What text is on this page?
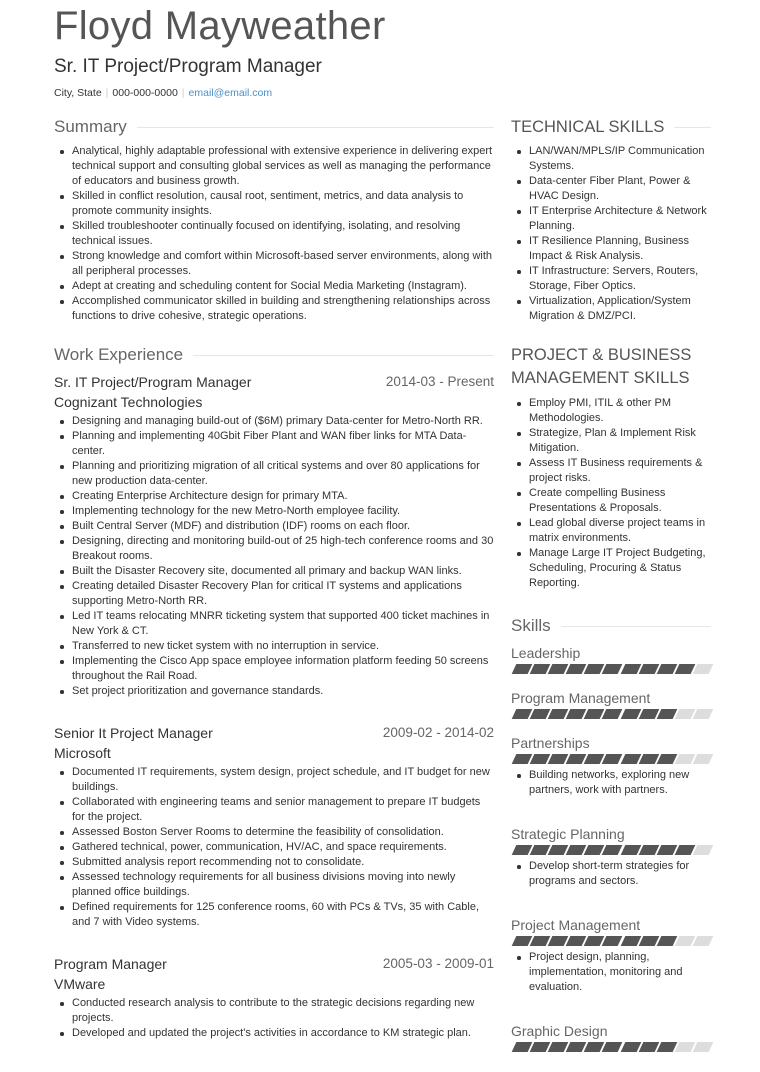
Floyd Mayweather
Sr. IT Project/Program Manager
City, State | 000-000-0000 | email@email.com
Summary
Analytical, highly adaptable professional with extensive experience in delivering expert technical support and consulting global services as well as managing the performance of educators and business growth.
Skilled in conflict resolution, causal root, sentiment, metrics, and data analysis to promote community insights.
Skilled troubleshooter continually focused on identifying, isolating, and resolving technical issues.
Strong knowledge and comfort within Microsoft-based server environments, along with all peripheral processes.
Adept at creating and scheduling content for Social Media Marketing (Instagram).
Accomplished communicator skilled in building and strengthening relationships across functions to drive cohesive, strategic operations.
Work Experience
Sr. IT Project/Program Manager	2014-03 - Present
Cognizant Technologies
Designing and managing build-out of ($6M) primary Data-center for Metro-North RR.
Planning and implementing 40Gbit Fiber Plant and WAN fiber links for MTA Data-center.
Planning and prioritizing migration of all critical systems and over 80 applications for new production data-center.
Creating Enterprise Architecture design for primary MTA.
Implementing technology for the new Metro-North employee facility.
Built Central Server (MDF) and distribution (IDF) rooms on each floor.
Designing, directing and monitoring build-out of 25 high-tech conference rooms and 30 Breakout rooms.
Built the Disaster Recovery site, documented all primary and backup WAN links.
Creating detailed Disaster Recovery Plan for critical IT systems and applications supporting Metro-North RR.
Led IT teams relocating MNRR ticketing system that supported 400 ticket machines in New York & CT.
Transferred to new ticket system with no interruption in service.
Implementing the Cisco App space employee information platform feeding 50 screens throughout the Rail Road.
Set project prioritization and governance standards.
Senior It Project Manager	2009-02 - 2014-02
Microsoft
Documented IT requirements, system design, project schedule, and IT budget for new buildings.
Collaborated with engineering teams and senior management to prepare IT budgets for the project.
Assessed Boston Server Rooms to determine the feasibility of consolidation.
Gathered technical, power, communication, HV/AC, and space requirements.
Submitted analysis report recommending not to consolidate.
Assessed technology requirements for all business divisions moving into newly planned office buildings.
Defined requirements for 125 conference rooms, 60 with PCs & TVs, 35 with Cable, and 7 with Video systems.
Program Manager	2005-03 - 2009-01
VMware
Conducted research analysis to contribute to the strategic decisions regarding new projects.
Developed and updated the project's activities in accordance to KM strategic plan.
TECHNICAL SKILLS
LAN/WAN/MPLS/IP Communication Systems.
Data-center Fiber Plant, Power & HVAC Design.
IT Enterprise Architecture & Network Planning.
IT Resilience Planning, Business Impact & Risk Analysis.
IT Infrastructure: Servers, Routers, Storage, Fiber Optics.
Virtualization, Application/System Migration & DMZ/PCI.
PROJECT & BUSINESS MANAGEMENT SKILLS
Employ PMI, ITIL & other PM Methodologies.
Strategize, Plan & Implement Risk Mitigation.
Assess IT Business requirements & project risks.
Create compelling Business Presentations & Proposals.
Lead global diverse project teams in matrix environments.
Manage Large IT Project Budgeting, Scheduling, Procuring & Status Reporting.
Skills
Leadership
Program Management
Partnerships
Building networks, exploring new partners, work with partners.
Strategic Planning
Develop short-term strategies for programs and sectors.
Project Management
Project design, planning, implementation, monitoring and evaluation.
Graphic Design
